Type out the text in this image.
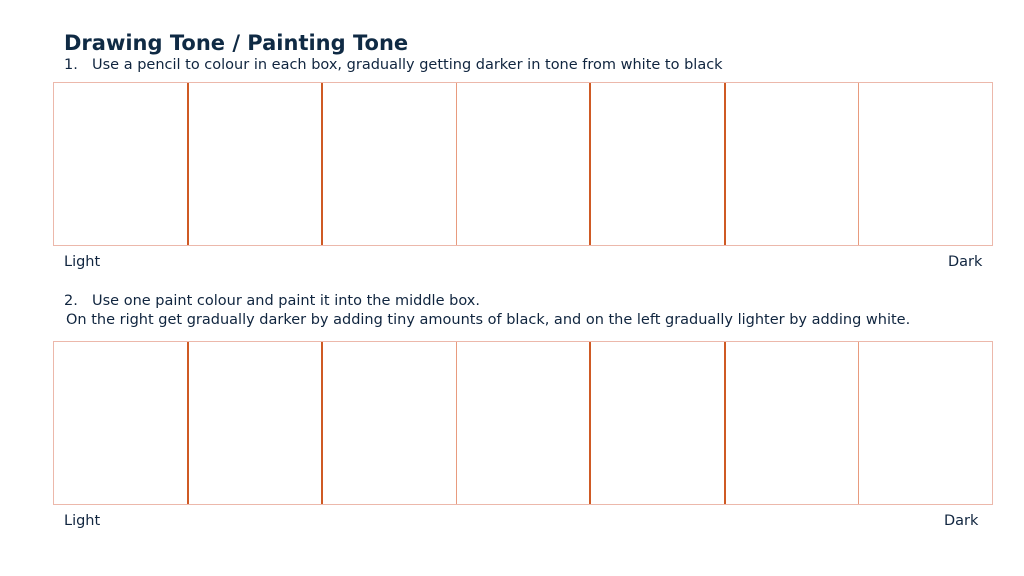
Drawing Tone / Painting Tone
1. Use a pencil to colour in each box, gradually getting darker in tone from white to black
Light	Dark
2. Use one paint colour and paint it into the middle box.
On the right get gradually darker by adding tiny amounts of black, and on the left gradually lighter by adding white.
Light	Dark
